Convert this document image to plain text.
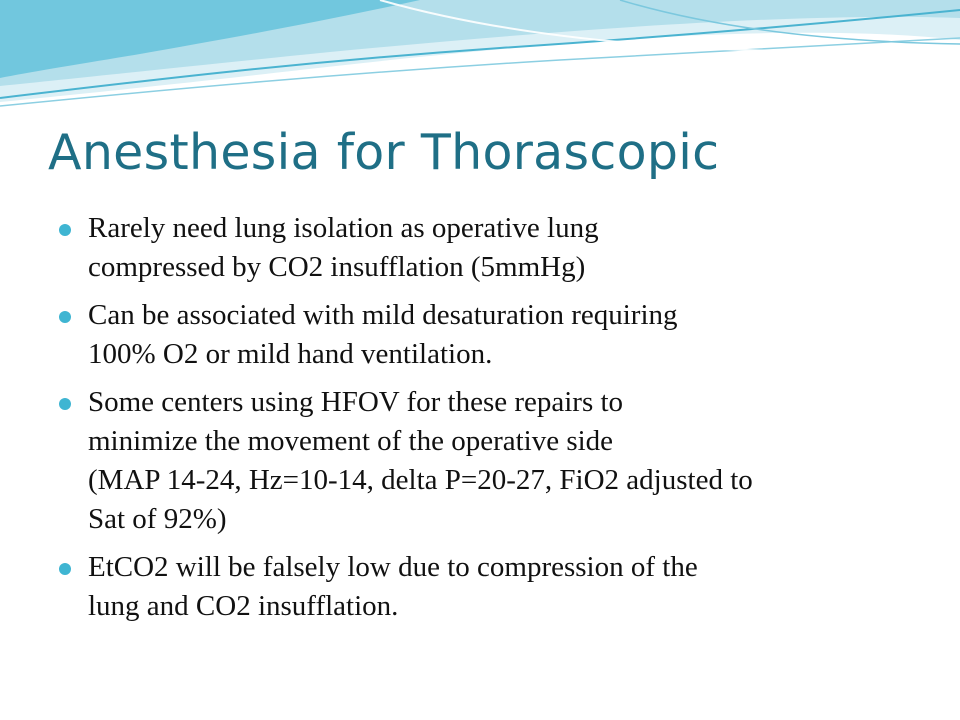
Anesthesia for Thorascopic
Rarely need lung isolation as operative lung
compressed by CO2 insufflation (5mmHg)
Can be associated with mild desaturation requiring
100% O2 or mild hand ventilation.
Some centers using HFOV for these repairs to
minimize the movement of the operative side
(MAP 14-24, Hz=10-14, delta P=20-27, FiO2 adjusted to
Sat of 92%)
EtCO2 will be falsely low due to compression of the
lung and CO2 insufflation.
